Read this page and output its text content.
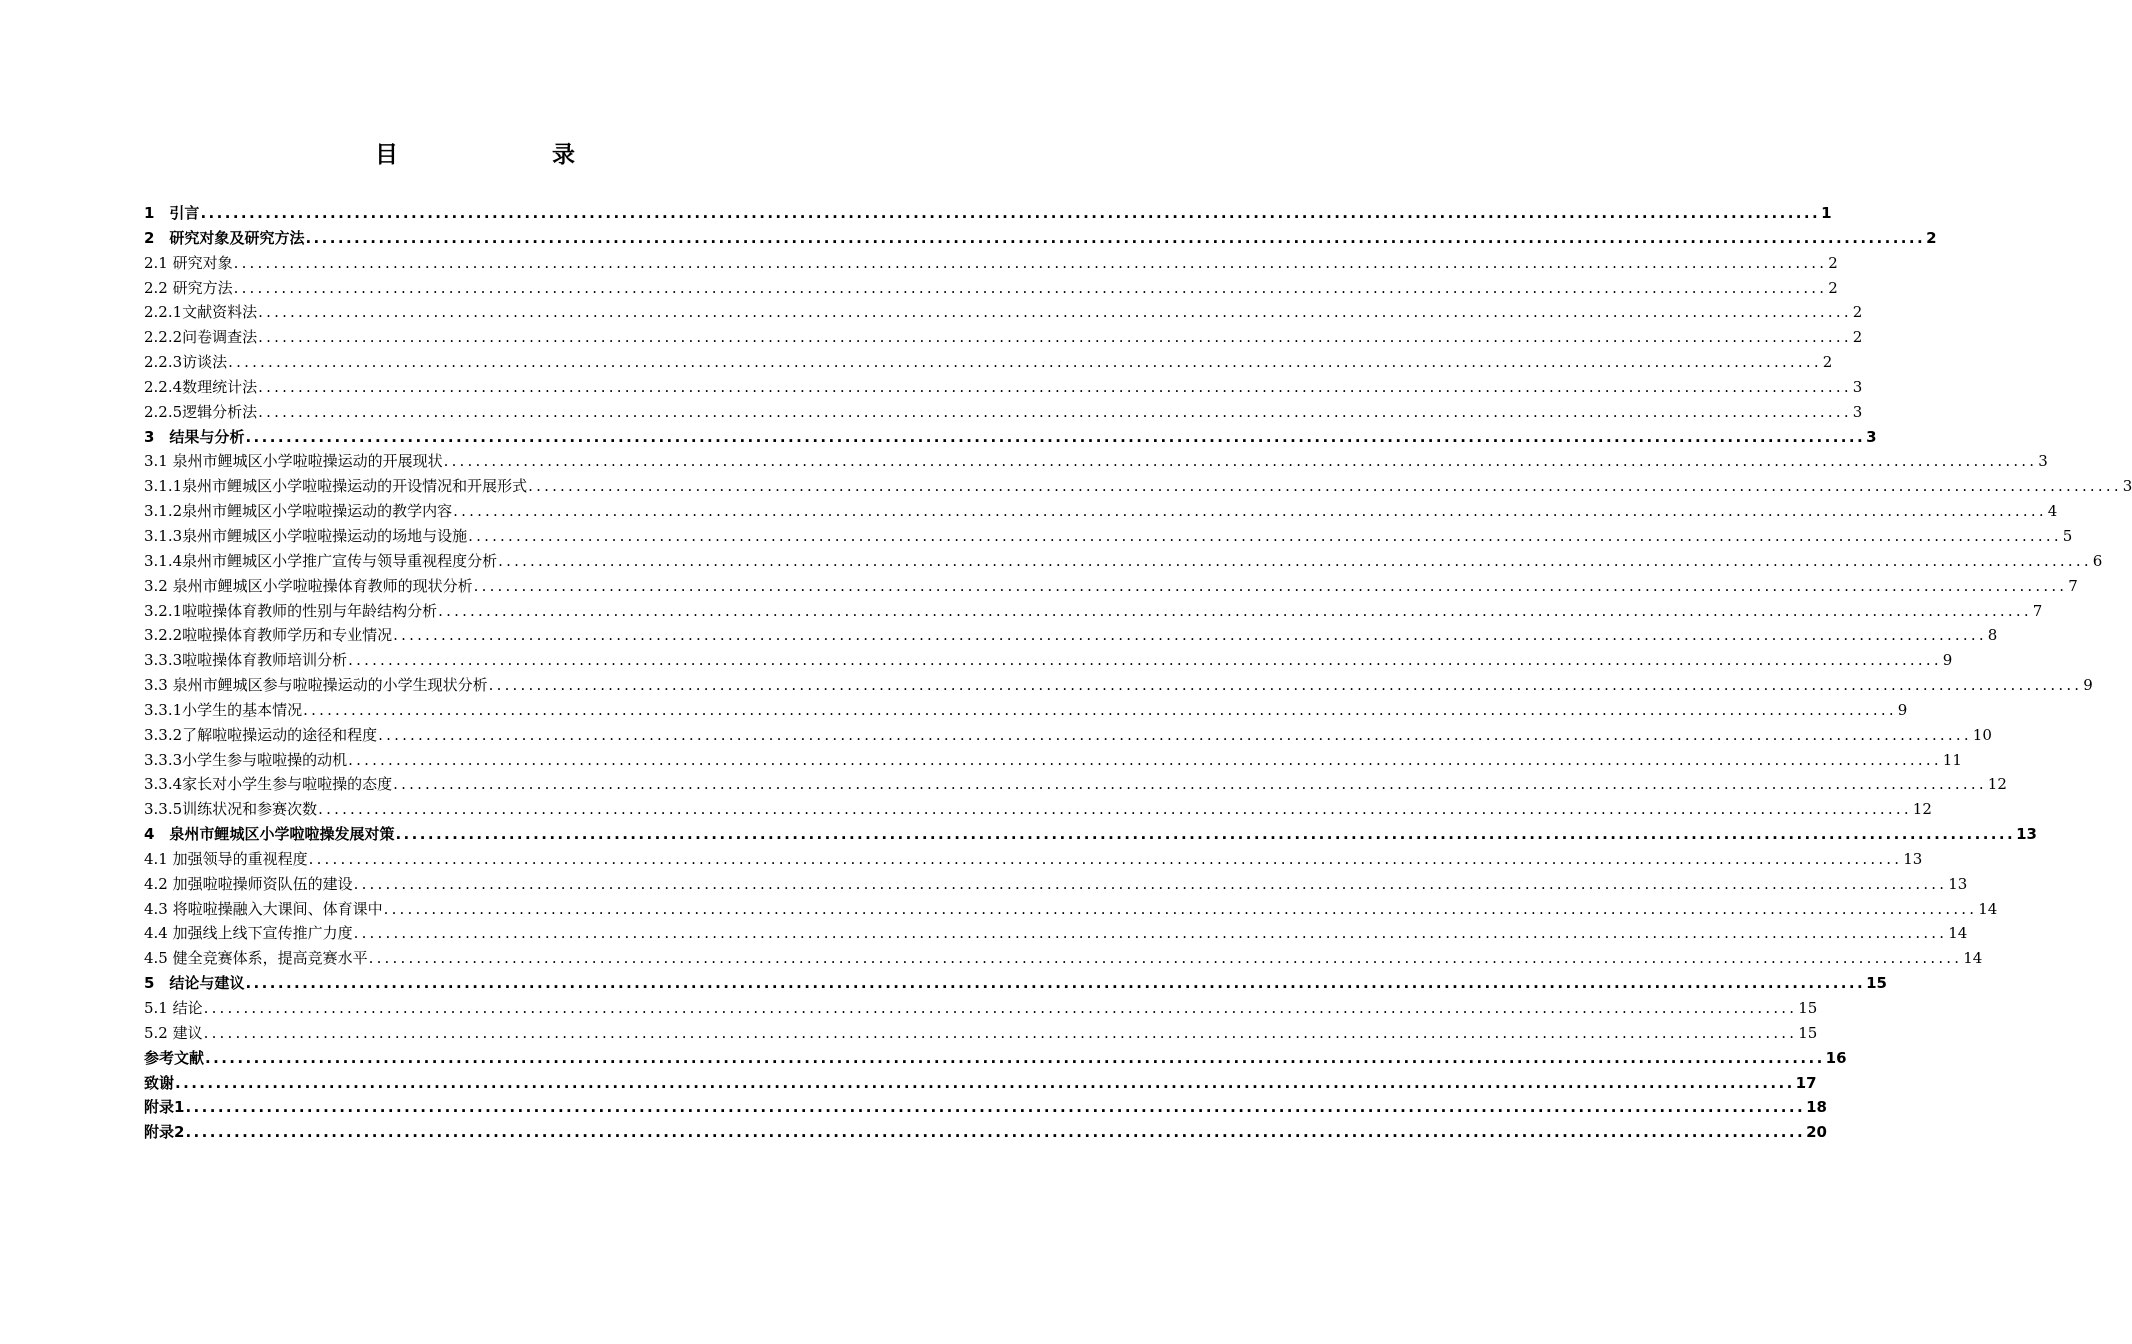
目　　录
1　引言 ........................................................................................................................................................................................................ 1
2　研究对象及研究方法 ........................................................................................................................................................................................................ 2
2.1 研究对象 ........................................................................................................................................................................................................ 2
2.2 研究方法 ........................................................................................................................................................................................................ 2
2.2.1文献资料法 ........................................................................................................................................................................................................ 2
2.2.2问卷调查法 ........................................................................................................................................................................................................ 2
2.2.3访谈法 ........................................................................................................................................................................................................ 2
2.2.4数理统计法 ........................................................................................................................................................................................................ 3
2.2.5逻辑分析法 ........................................................................................................................................................................................................ 3
3　结果与分析 ........................................................................................................................................................................................................ 3
3.1 泉州市鲤城区小学啦啦操运动的开展现状 ........................................................................................................................................................................................................ 3
3.1.1泉州市鲤城区小学啦啦操运动的开设情况和开展形式 ........................................................................................................................................................................................................ 3
3.1.2泉州市鲤城区小学啦啦操运动的教学内容 ........................................................................................................................................................................................................ 4
3.1.3泉州市鲤城区小学啦啦操运动的场地与设施 ........................................................................................................................................................................................................ 5
3.1.4泉州市鲤城区小学推广宣传与领导重视程度分析 ........................................................................................................................................................................................................ 6
3.2 泉州市鲤城区小学啦啦操体育教师的现状分析 ........................................................................................................................................................................................................ 7
3.2.1啦啦操体育教师的性别与年龄结构分析 ........................................................................................................................................................................................................ 7
3.2.2啦啦操体育教师学历和专业情况 ........................................................................................................................................................................................................ 8
3.3.3啦啦操体育教师培训分析 ........................................................................................................................................................................................................ 9
3.3 泉州市鲤城区参与啦啦操运动的小学生现状分析 ........................................................................................................................................................................................................ 9
3.3.1小学生的基本情况 ........................................................................................................................................................................................................ 9
3.3.2了解啦啦操运动的途径和程度 ........................................................................................................................................................................................................ 10
3.3.3小学生参与啦啦操的动机 ........................................................................................................................................................................................................ 11
3.3.4家长对小学生参与啦啦操的态度 ........................................................................................................................................................................................................ 12
3.3.5训练状况和参赛次数 ........................................................................................................................................................................................................ 12
4　泉州市鲤城区小学啦啦操发展对策 ........................................................................................................................................................................................................ 13
4.1 加强领导的重视程度 ........................................................................................................................................................................................................ 13
4.2 加强啦啦操师资队伍的建设 ........................................................................................................................................................................................................ 13
4.3 将啦啦操融入大课间、体育课中 ........................................................................................................................................................................................................ 14
4.4 加强线上线下宣传推广力度 ........................................................................................................................................................................................................ 14
4.5 健全竞赛体系，提高竞赛水平 ........................................................................................................................................................................................................ 14
5　结论与建议 ........................................................................................................................................................................................................ 15
5.1 结论 ........................................................................................................................................................................................................ 15
5.2 建议 ........................................................................................................................................................................................................ 15
参考文献 ........................................................................................................................................................................................................ 16
致谢 ........................................................................................................................................................................................................ 17
附录1 ........................................................................................................................................................................................................ 18
附录2 ........................................................................................................................................................................................................ 20
